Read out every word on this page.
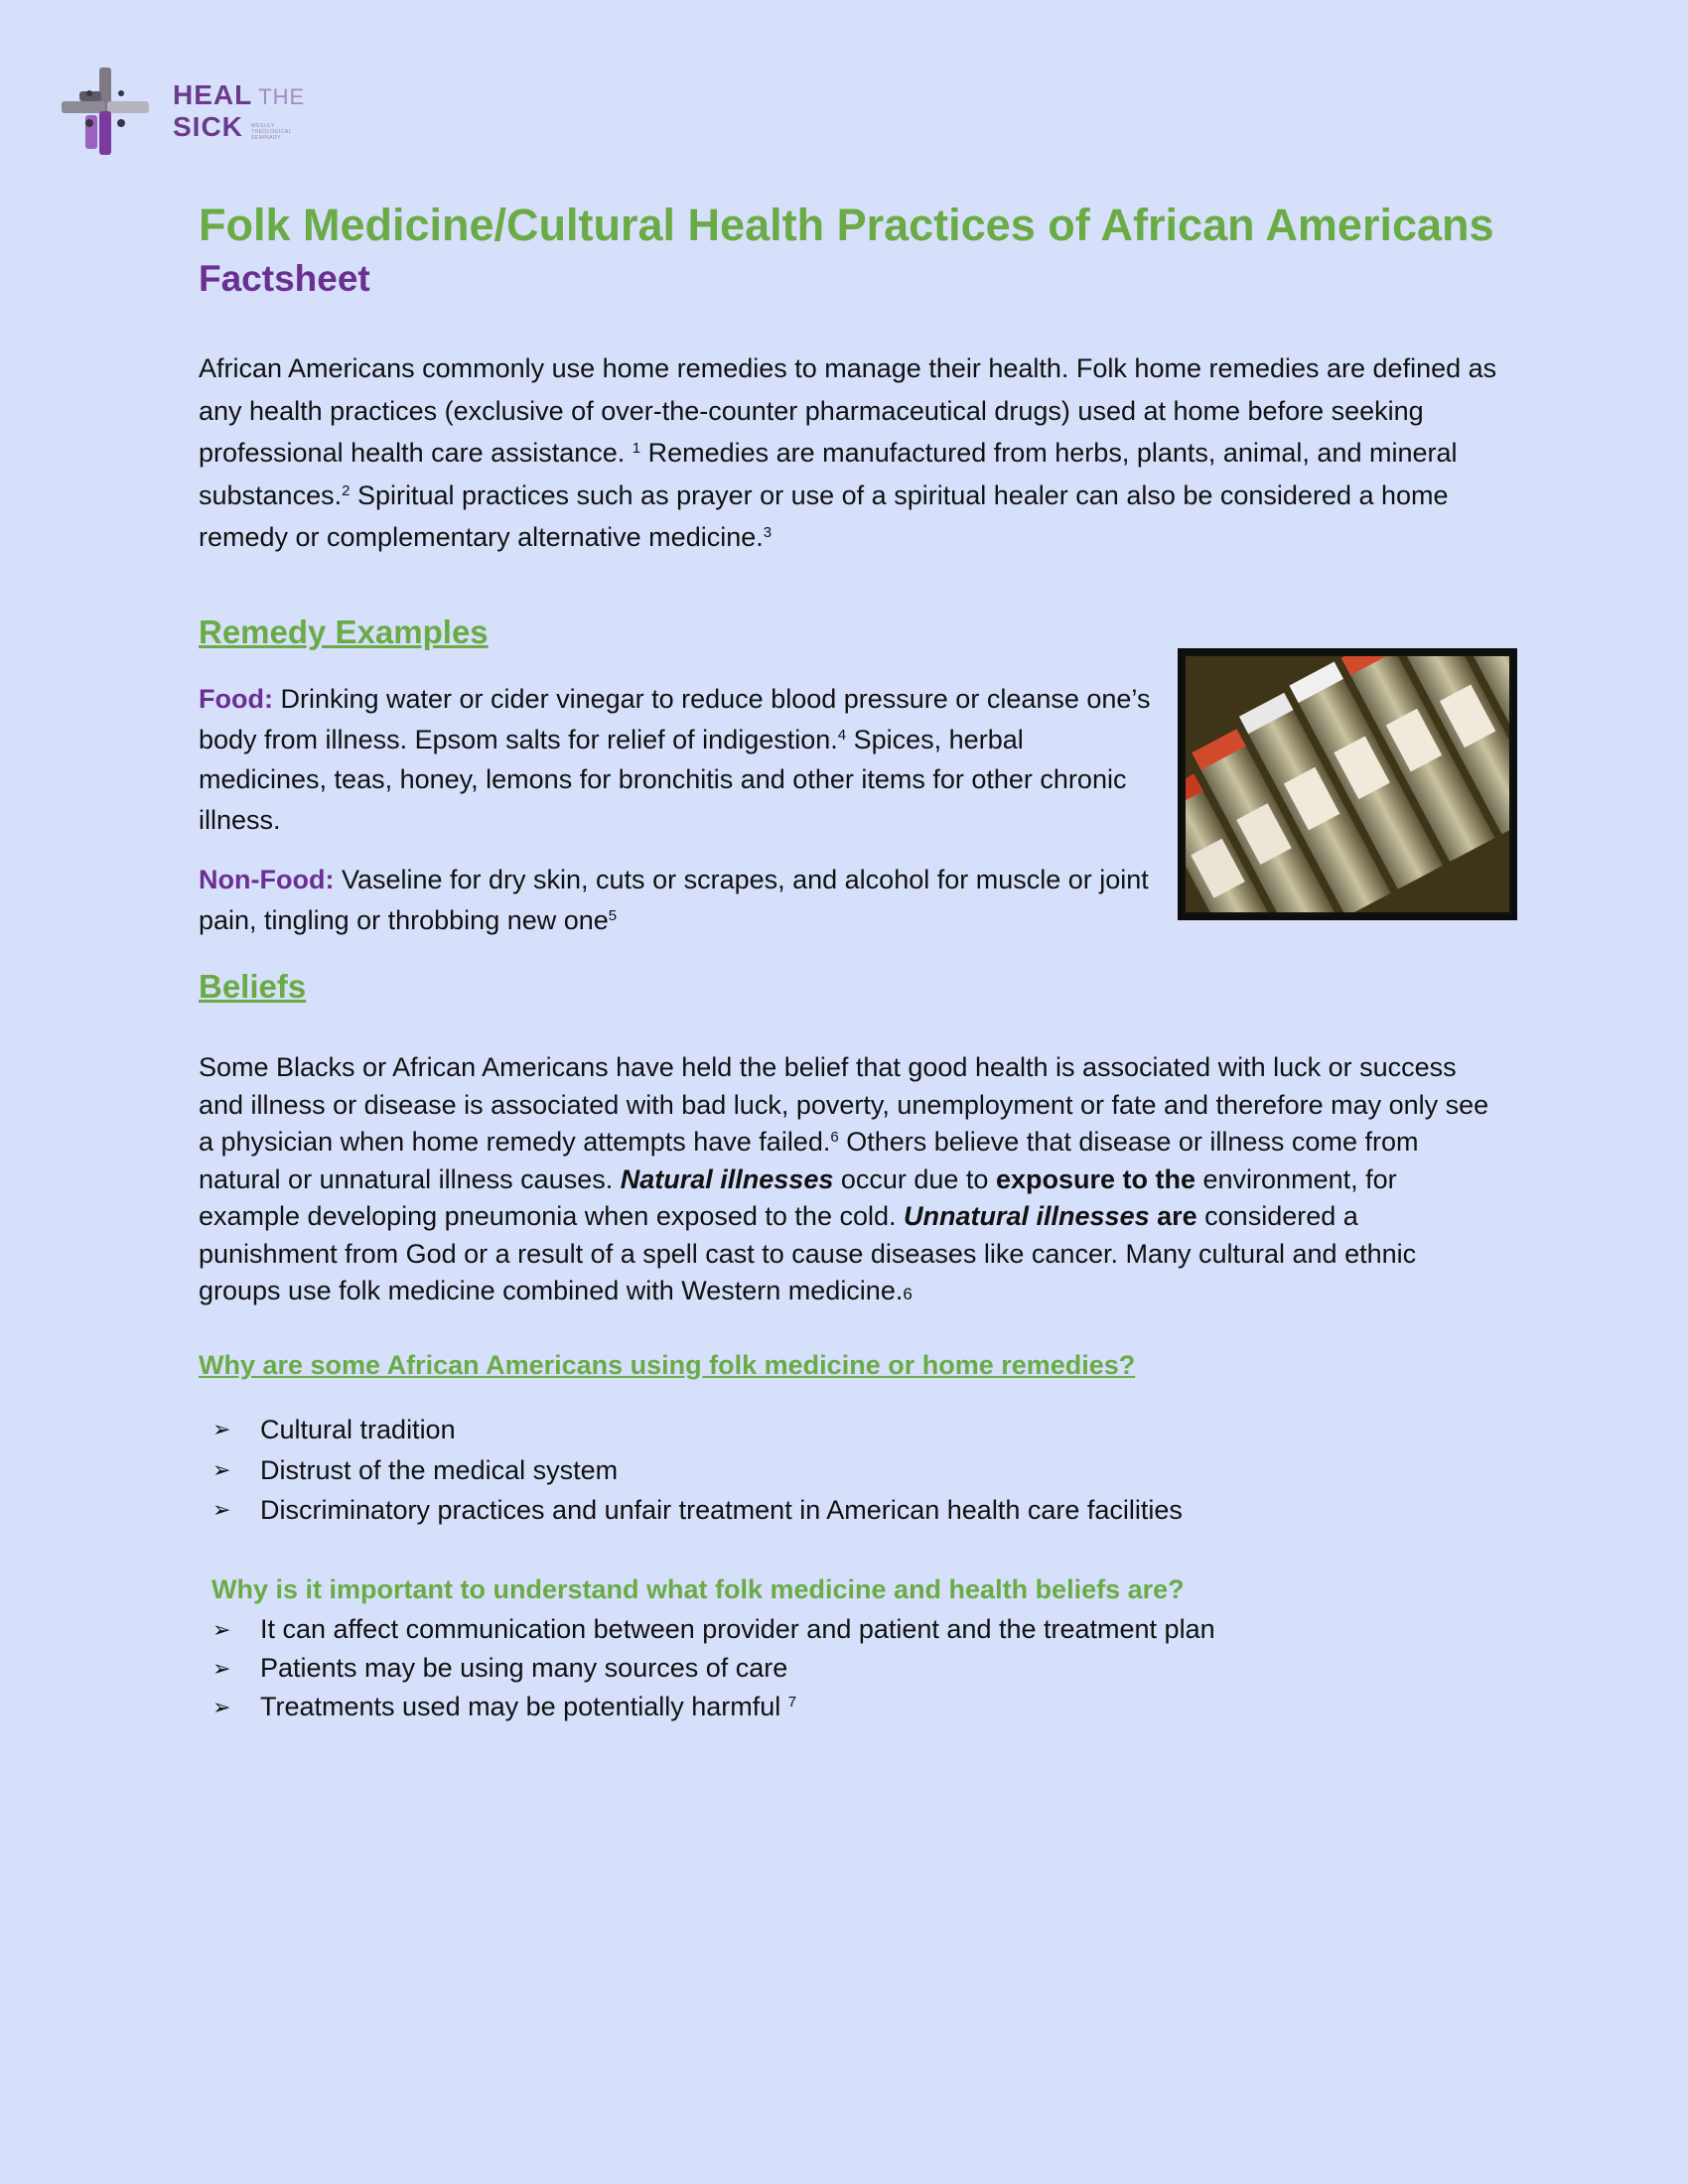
HEAL THE
SICK WESLEY THEOLOGICAL SEMINARY
Folk Medicine/Cultural Health Practices of African Americans
Factsheet

African Americans commonly use home remedies to manage their health. Folk home remedies are defined as any health practices (exclusive of over-the-counter pharmaceutical drugs) used at home before seeking professional health care assistance. $^1$ Remedies are manufactured from herbs, plants, animal, and mineral substances.$^2$ Spiritual practices such as prayer or use of a spiritual healer can also be considered a home remedy or complementary alternative medicine.$^3$

Remedy Examples

Food: Drinking water or cider vinegar to reduce blood pressure or cleanse one’s body from illness. Epsom salts for relief of indigestion.$^4$ Spices, herbal medicines, teas, honey, lemons for bronchitis and other items for other chronic illness.

Non-Food: Vaseline for dry skin, cuts or scrapes, and alcohol for muscle or joint pain, tingling or throbbing new one$^5$

Beliefs

Some Blacks or African Americans have held the belief that good health is associated with luck or success and illness or disease is associated with bad luck, poverty, unemployment or fate and therefore may only see a physician when home remedy attempts have failed.$^6$ Others believe that disease or illness come from natural or unnatural illness causes. Natural illnesses occur due to exposure to the environment, for example developing pneumonia when exposed to the cold. Unnatural illnesses are considered a punishment from God or a result of a spell cast to cause diseases like cancer. Many cultural and ethnic groups use folk medicine combined with Western medicine.6

Why are some African Americans using folk medicine or home remedies?
➢ Cultural tradition
➢ Distrust of the medical system
➢ Discriminatory practices and unfair treatment in American health care facilities
Why is it important to understand what folk medicine and health beliefs are?
➢ It can affect communication between provider and patient and the treatment plan
➢ Patients may be using many sources of care
➢ Treatments used may be potentially harmful $^7$
